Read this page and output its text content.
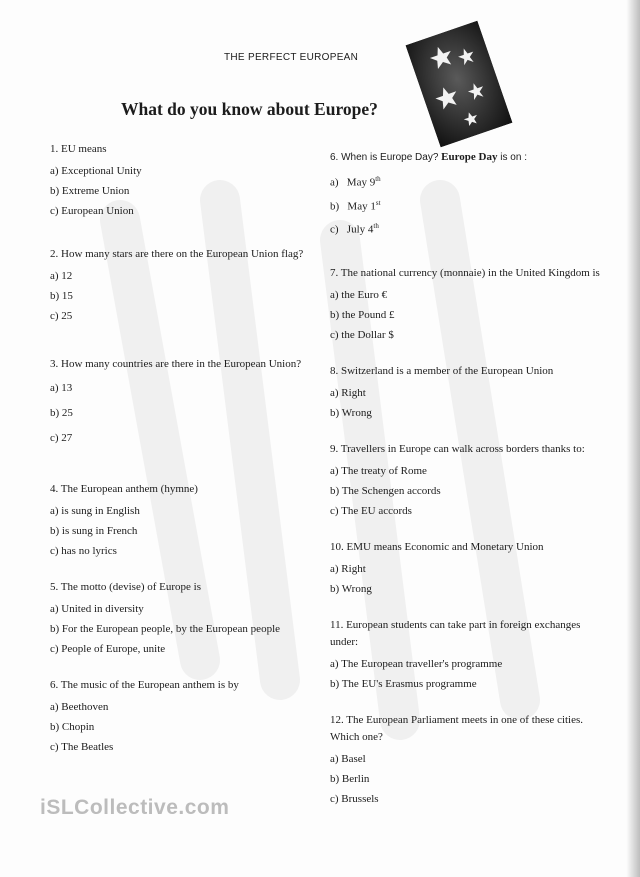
THE PERFECT EUROPEAN
What do you know about Europe?
1. EU means
a) Exceptional Unity
b) Extreme Union
c) European Union
2. How many stars are there on the European Union flag?
a) 12
b) 15
c) 25
3. How many countries are there in the European Union?
a) 13
b) 25
c) 27
4. The European anthem (hymne)
a) is sung in English
b) is sung in French
c) has no lyrics
5. The motto (devise) of Europe is
a) United in diversity
b) For the European people, by the European people
c) People of Europe, unite
6. The music of the European anthem is by
a) Beethoven
b) Chopin
c) The Beatles
6. When is Europe Day? Europe Day is on :
a) May 9th
b) May 1st
c) July 4th
7. The national currency (monnaie) in the United Kingdom is
a) the Euro €
b) the Pound £
c) the Dollar $
8. Switzerland is a member of the European Union
a) Right
b) Wrong
9. Travellers in Europe can walk across borders thanks to:
a) The treaty of Rome
b) The Schengen accords
c) The EU accords
10. EMU means Economic and Monetary Union
a) Right
b) Wrong
11. European students can take part in foreign exchanges under:
a) The European traveller's programme
b) The EU's Erasmus programme
12. The European Parliament meets in one of these cities. Which one?
a) Basel
b) Berlin
c) Brussels
iSLCollective.com
